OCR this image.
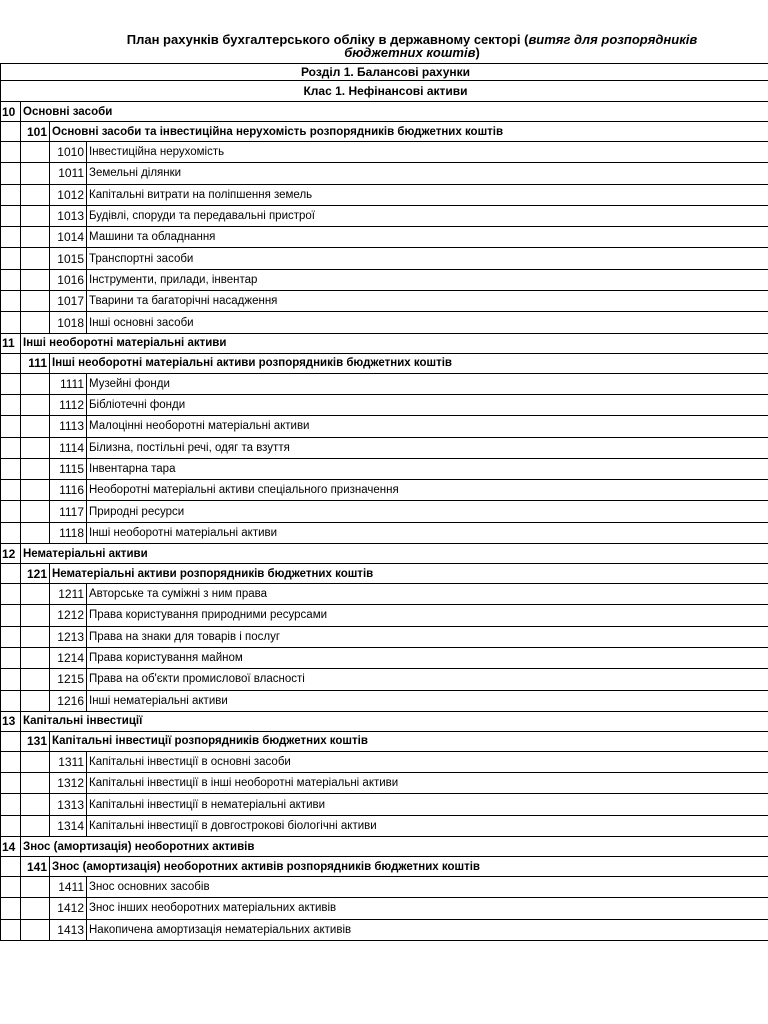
План рахунків бухгалтерського обліку в державному секторі (витяг для розпорядників
бюджетних коштів)
Розділ 1. Балансові рахунки			
Клас 1. Нефінансові активи			
10	Основні засоби		
	101	Основні засоби та інвестиційна нерухомість розпорядників бюджетних коштів	
		1010	Інвестиційна нерухомість
		1011	Земельні ділянки
		1012	Капітальні витрати на поліпшення земель
		1013	Будівлі, споруди та передавальні пристрої
		1014	Машини та обладнання
		1015	Транспортні засоби
		1016	Інструменти, прилади, інвентар
		1017	Тварини та багаторічні насадження
		1018	Інші основні засоби
11	Інші необоротні матеріальні активи		
	111	Інші необоротні матеріальні активи розпорядників бюджетних коштів	
		1111	Музейні фонди
		1112	Бібліотечні фонди
		1113	Малоцінні необоротні матеріальні активи
		1114	Білизна, постільні речі, одяг та взуття
		1115	Інвентарна тара
		1116	Необоротні матеріальні активи спеціального призначення
		1117	Природні ресурси
		1118	Інші необоротні матеріальні активи
12	Нематеріальні активи		
	121	Нематеріальні активи розпорядників бюджетних коштів	
		1211	Авторське та суміжні з ним права
		1212	Права користування природними ресурсами
		1213	Права на знаки для товарів і послуг
		1214	Права користування майном
		1215	Права на об'єкти промислової власності
		1216	Інші нематеріальні активи
13	Капітальні інвестиції		
	131	Капітальні інвестиції розпорядників бюджетних коштів	
		1311	Капітальні інвестиції в основні засоби
		1312	Капітальні інвестиції в інші необоротні матеріальні активи
		1313	Капітальні інвестиції в нематеріальні активи
		1314	Капітальні інвестиції в довгострокові біологічні активи
14	Знос (амортизація) необоротних активів		
	141	Знос (амортизація) необоротних активів розпорядників бюджетних коштів	
		1411	Знос основних засобів
		1412	Знос інших необоротних матеріальних активів
		1413	Накопичена амортизація нематеріальних активів
